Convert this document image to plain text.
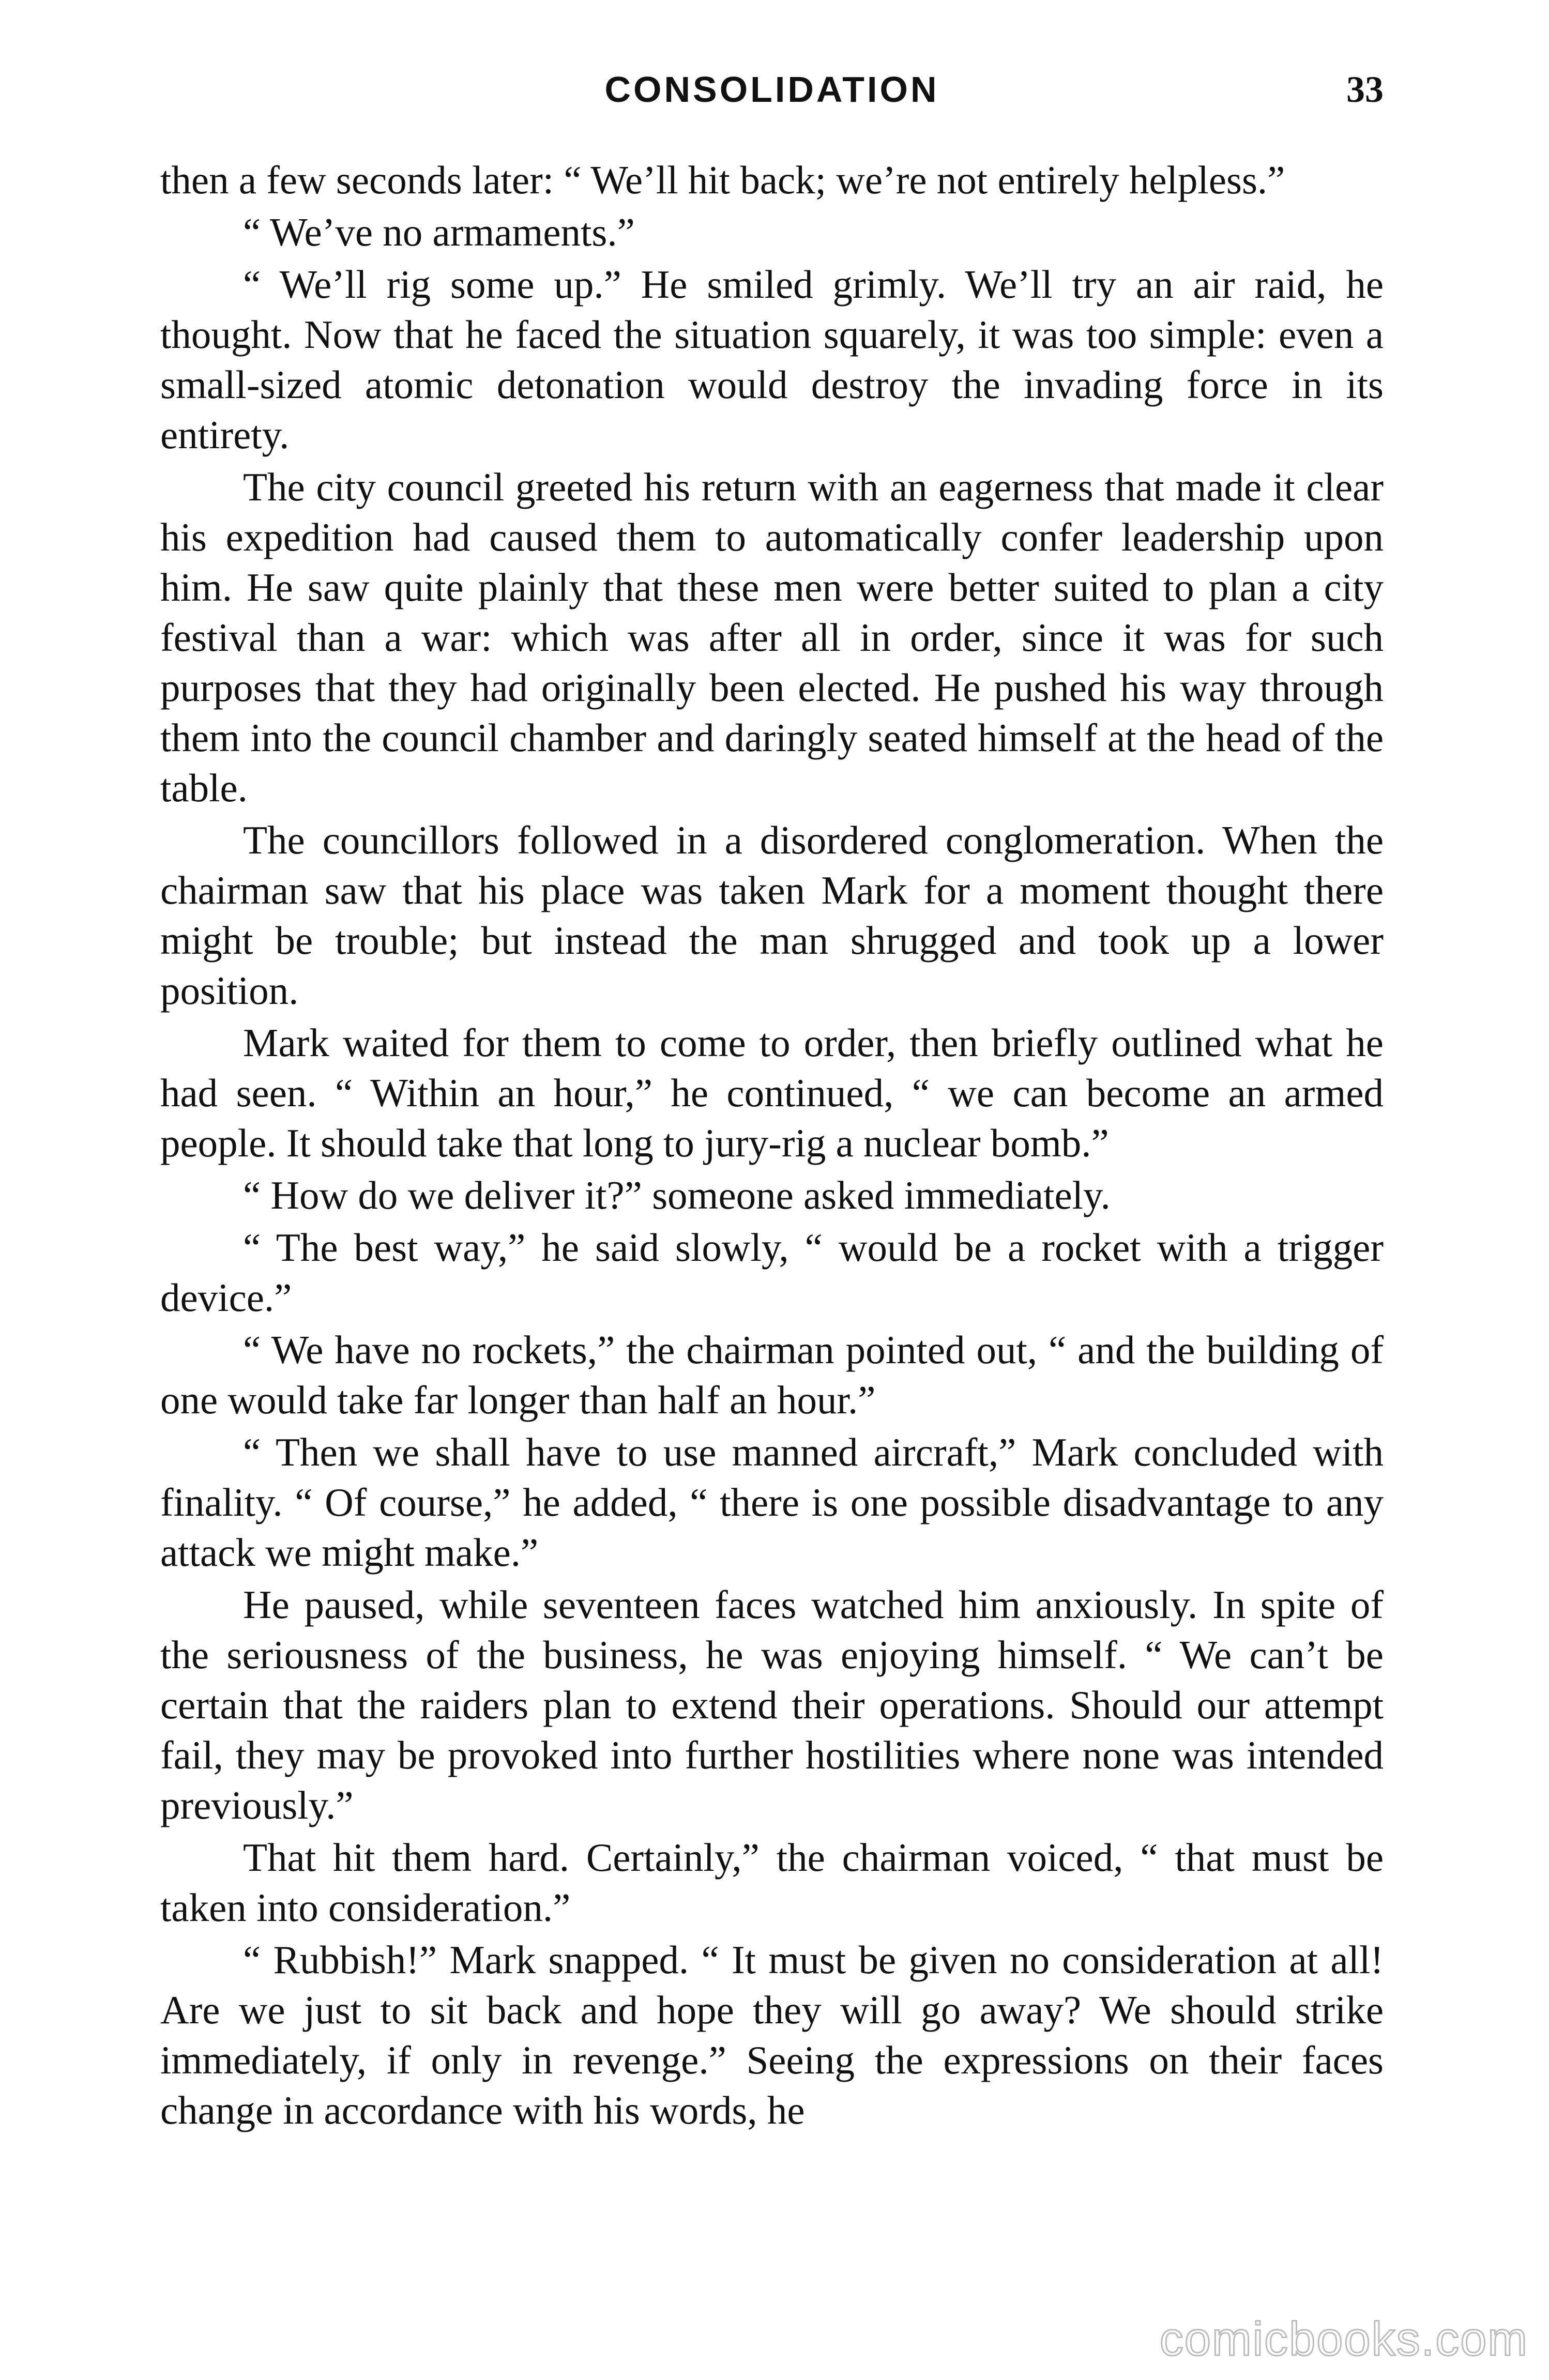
CONSOLIDATION	33

then a few seconds later: “ We’ll hit back; we’re not entirely helpless.”

“ We’ve no armaments.”

“ We’ll rig some up.” He smiled grimly. We’ll try an air raid, he thought. Now that he faced the situation squarely, it was too simple: even a small-sized atomic detonation would destroy the invading force in its entirety.

The city council greeted his return with an eagerness that made it clear his expedition had caused them to automatically confer leadership upon him. He saw quite plainly that these men were better suited to plan a city festival than a war: which was after all in order, since it was for such purposes that they had originally been elected. He pushed his way through them into the council chamber and daringly seated himself at the head of the table.

The councillors followed in a disordered conglomeration. When the chairman saw that his place was taken Mark for a moment thought there might be trouble; but instead the man shrugged and took up a lower position.

Mark waited for them to come to order, then briefly outlined what he had seen. “ Within an hour,” he continued, “ we can become an armed people. It should take that long to jury-rig a nuclear bomb.”

“ How do we deliver it?” someone asked immediately.

“ The best way,” he said slowly, “ would be a rocket with a trigger device.”

“ We have no rockets,” the chairman pointed out, “ and the building of one would take far longer than half an hour.”

“ Then we shall have to use manned aircraft,” Mark concluded with finality. “ Of course,” he added, “ there is one possible disadvantage to any attack we might make.”

He paused, while seventeen faces watched him anxiously. In spite of the seriousness of the business, he was enjoying himself. “ We can’t be certain that the raiders plan to extend their operations. Should our attempt fail, they may be provoked into further hostilities where none was intended previously.”

That hit them hard. Certainly,” the chairman voiced, “ that must be taken into consideration.”

“ Rubbish!” Mark snapped. “ It must be given no consideration at all! Are we just to sit back and hope they will go away? We should strike immediately, if only in revenge.” Seeing the expressions on their faces change in accordance with his words, he

comicbooks.com
